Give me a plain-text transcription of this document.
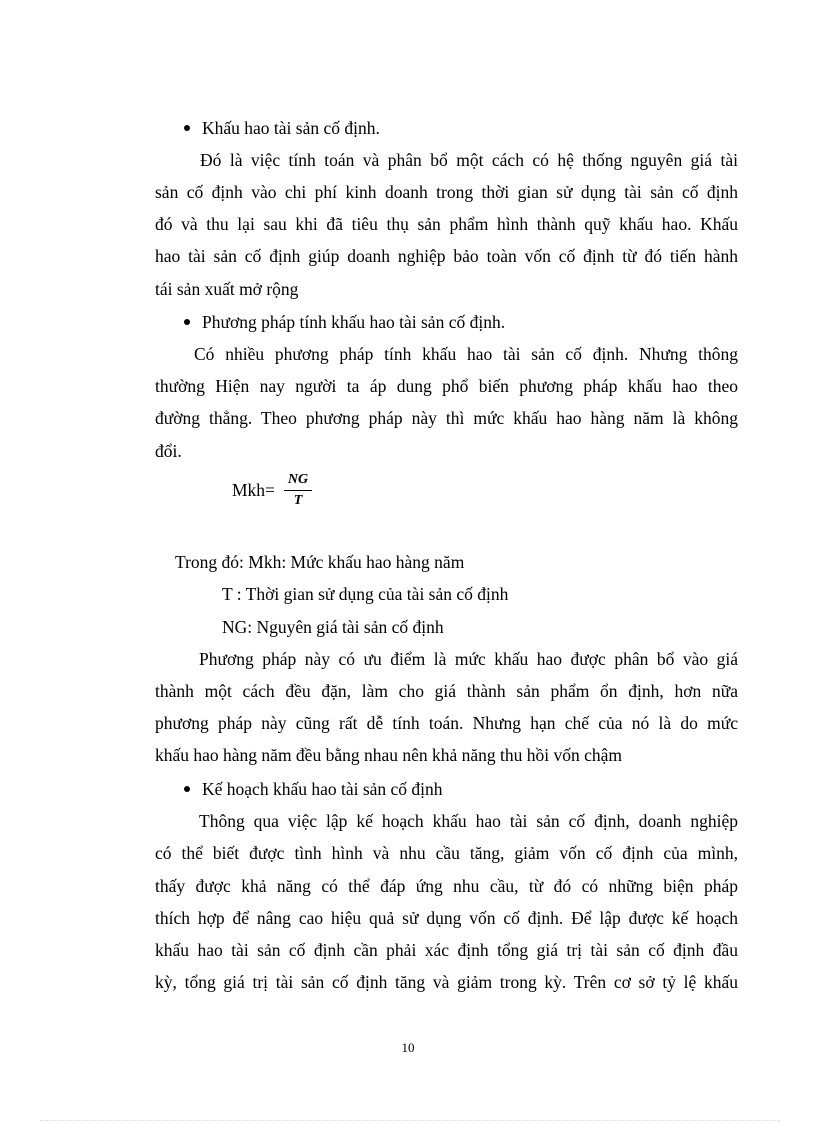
Khấu hao tài sản cố định.
Đó là việc tính toán và phân bổ một cách có hệ thống nguyên giá tài
sản cố định vào chi phí kinh doanh trong thời gian sử dụng tài sản cố định
đó và thu lại sau khi đã tiêu thụ sản phẩm hình thành quỹ khấu hao. Khấu
hao tài sản cố định giúp doanh nghiệp bảo toàn vốn cố định từ đó tiến hành
tái sản xuất mở rộng
Phương pháp tính khấu hao tài sản cố định.
Có nhiều phương pháp tính khấu hao tài sản cố định. Nhưng thông
thường Hiện nay người ta áp dung phổ biến phương pháp khấu hao theo
đường thẳng. Theo phương pháp này thì mức khấu hao hàng năm là không
đổi.
Mkh=
NG
T
Trong đó: Mkh: Mức khấu hao hàng năm
T : Thời gian sử dụng của tài sản cố định
NG: Nguyên giá tài sản cố định
Phương pháp này có ưu điểm là mức khấu hao được phân bổ vào giá
thành một cách đều đặn, làm cho giá thành sản phẩm ổn định, hơn nữa
phương pháp này cũng rất dễ tính toán. Nhưng hạn chế của nó là do mức
khấu hao hàng năm đều bằng nhau nên khả năng thu hồi vốn chậm
Kế hoạch khấu hao tài sản cố định
Thông qua việc lập kế hoạch khấu hao tài sản cố định, doanh nghiệp
có thể biết được tình hình và nhu cầu tăng, giảm vốn cố định của mình,
thấy được khả năng có thể đáp ứng nhu cầu, từ đó có những biện pháp
thích hợp để nâng cao hiệu quả sử dụng vốn cố định. Để lập được kế hoạch
khấu hao tài sản cố định cần phải xác định tổng giá trị tài sản cố định đầu
kỳ, tổng giá trị tài sản cố định tăng và giảm trong kỳ. Trên cơ sở tỷ lệ khấu
10
